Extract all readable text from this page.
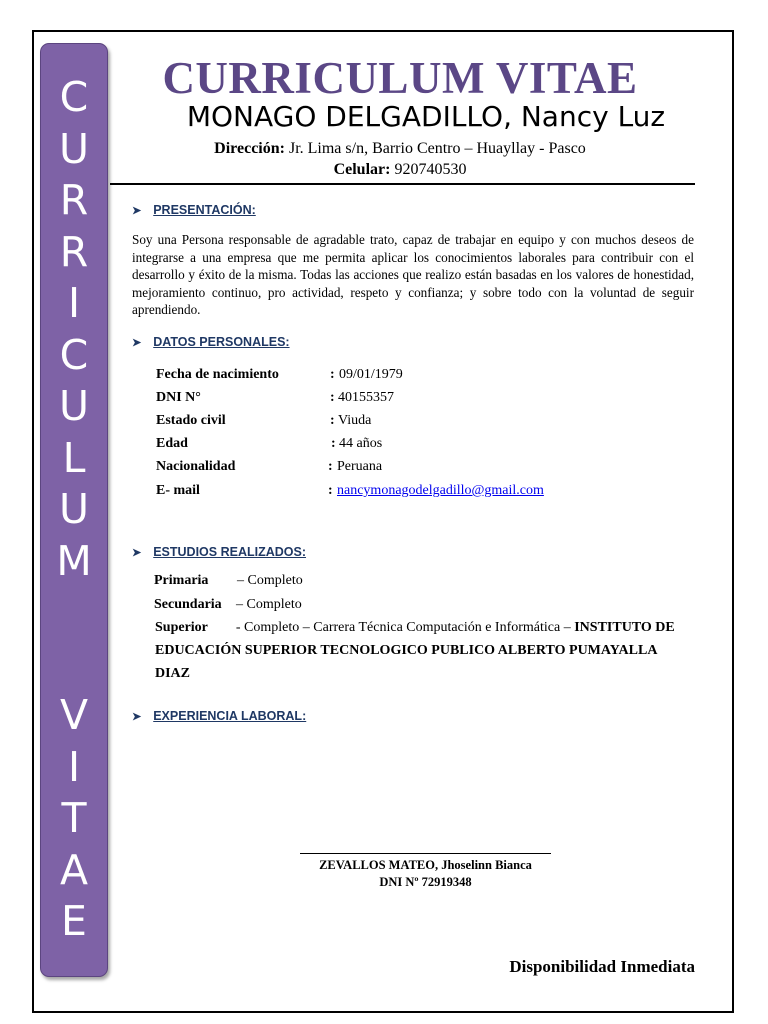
C
U
R
R
I
C
U
L
U
M
V
I
T
A
E
CURRICULUM VITAE
MONAGO DELGADILLO, Nancy Luz
Dirección: Jr. Lima s/n, Barrio Centro – Huayllay - Pasco
Celular: 920740530
➤ PRESENTACIÓN:
Soy una Persona responsable de agradable trato, capaz de trabajar en equipo y con muchos deseos de integrarse a una empresa que me permita aplicar los conocimientos laborales para contribuir con el desarrollo y éxito de la misma. Todas las acciones que realizo están basadas en los valores de honestidad, mejoramiento continuo, pro actividad, respeto y confianza; y sobre todo con la voluntad de seguir aprendiendo.
➤ DATOS PERSONALES:
Fecha de nacimiento	: 09/01/1979
DNI N°	: 40155357
Estado civil	: Viuda
Edad	: 44 años
Nacionalidad	: Peruana
E- mail	: nancymonagodelgadillo@gmail.com
➤ ESTUDIOS REALIZADOS:
Primaria – Completo
Secundaria – Completo
Superior - Completo – Carrera Técnica Computación e Informática – INSTITUTO DE EDUCACIÓN SUPERIOR TECNOLOGICO PUBLICO ALBERTO PUMAYALLA DIAZ
➤ EXPERIENCIA LABORAL:
ZEVALLOS MATEO, Jhoselinn Bianca
DNI Nº 72919348
Disponibilidad Inmediata
